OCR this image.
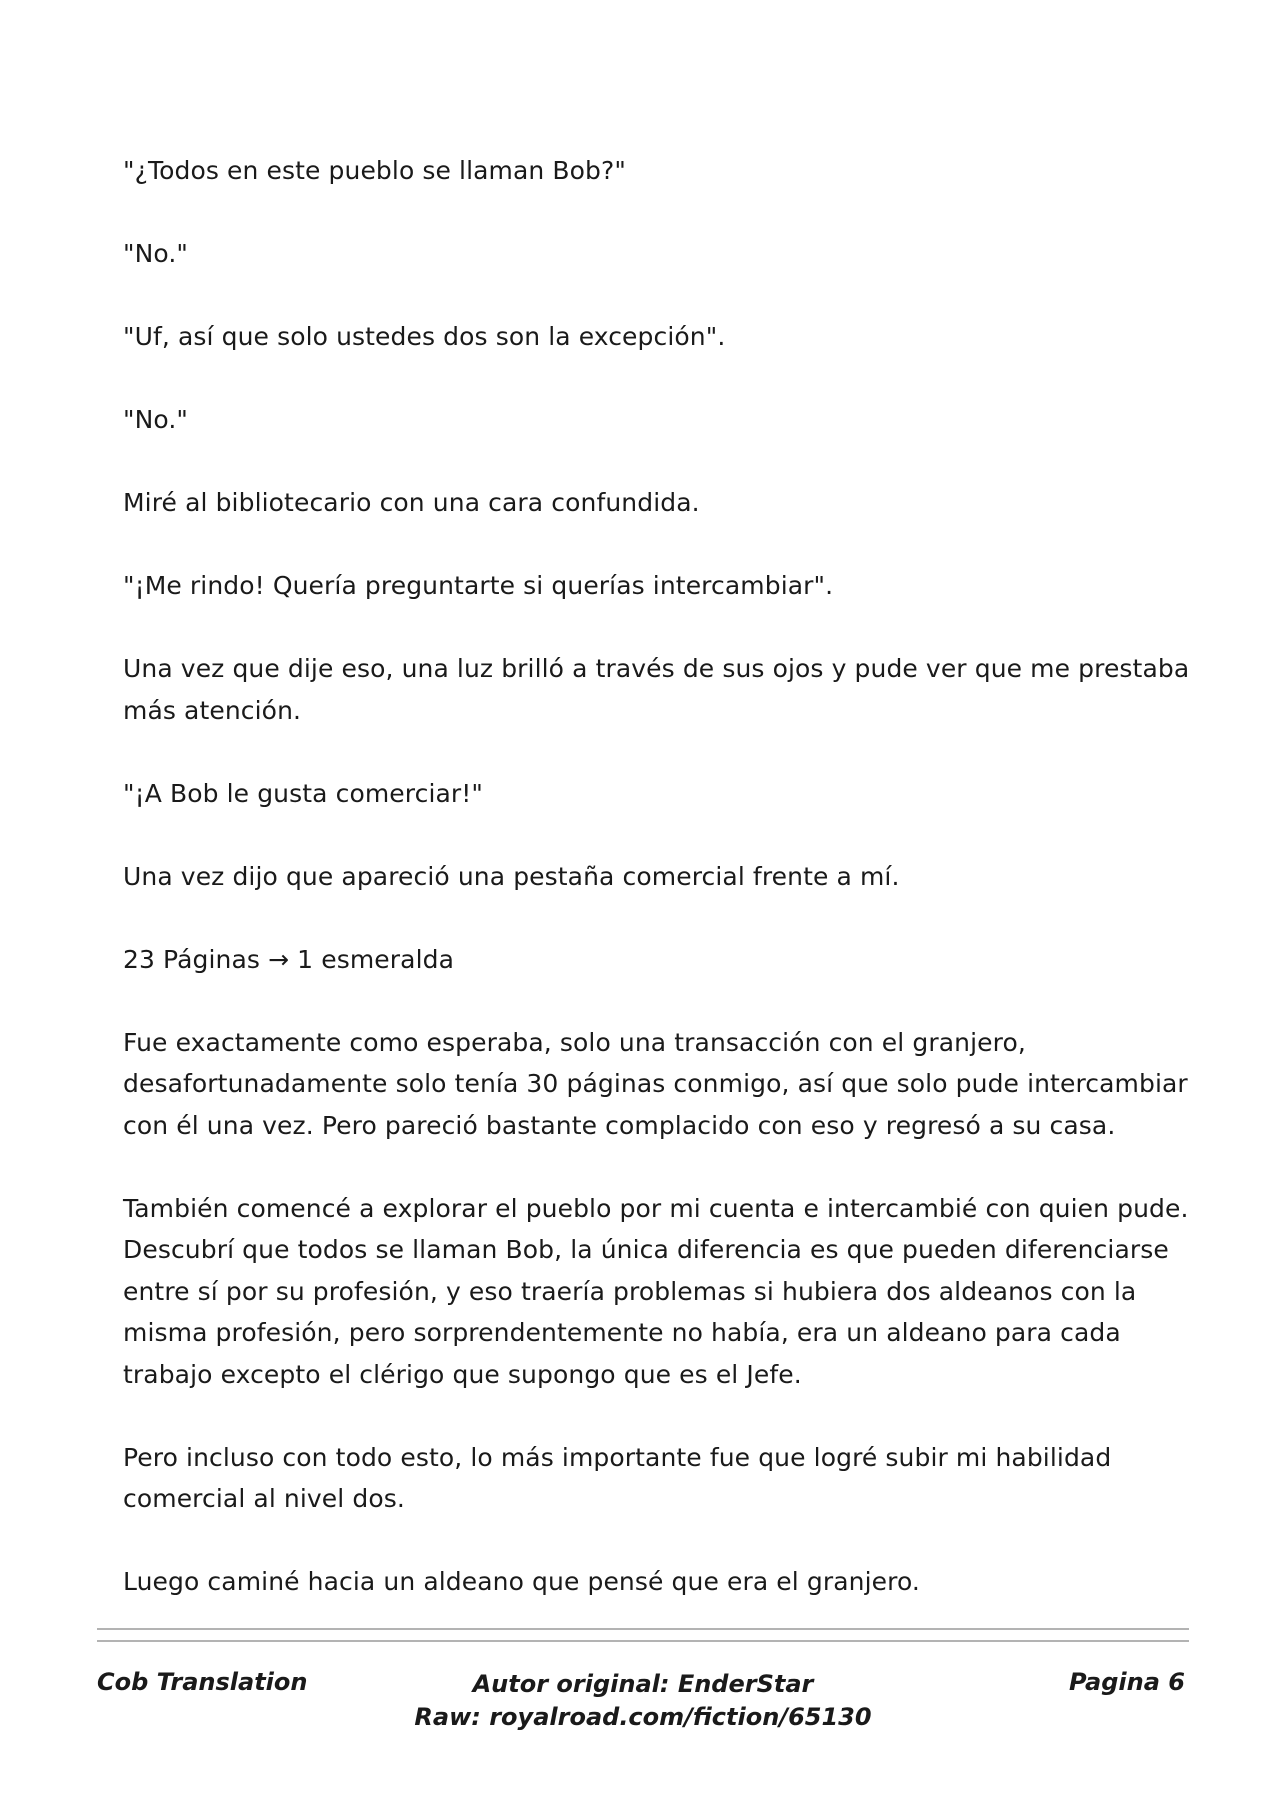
"¿Todos en este pueblo se llaman Bob?"

"No."

"Uf, así que solo ustedes dos son la excepción".

"No."

Miré al bibliotecario con una cara confundida.

"¡Me rindo! Quería preguntarte si querías intercambiar".

Una vez que dije eso, una luz brilló a través de sus ojos y pude ver que me prestaba más atención.

"¡A Bob le gusta comerciar!"

Una vez dijo que apareció una pestaña comercial frente a mí.

23 Páginas → 1 esmeralda

Fue exactamente como esperaba, solo una transacción con el granjero, desafortunadamente solo tenía 30 páginas conmigo, así que solo pude intercambiar con él una vez. Pero pareció bastante complacido con eso y regresó a su casa.

También comencé a explorar el pueblo por mi cuenta e intercambié con quien pude. Descubrí que todos se llaman Bob, la única diferencia es que pueden diferenciarse entre sí por su profesión, y eso traería problemas si hubiera dos aldeanos con la misma profesión, pero sorprendentemente no había, era un aldeano para cada trabajo excepto el clérigo que supongo que es el Jefe.

Pero incluso con todo esto, lo más importante fue que logré subir mi habilidad comercial al nivel dos.

Luego caminé hacia un aldeano que pensé que era el granjero.

Cob Translation	Autor original: EnderStar
Raw: royalroad.com/fiction/65130
Pagina 6
